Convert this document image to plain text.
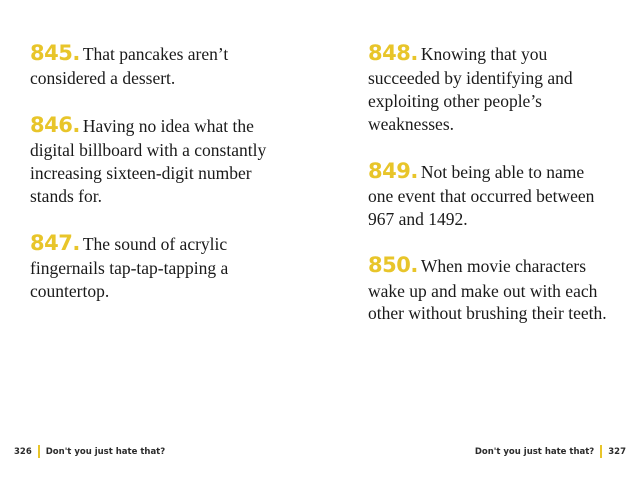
845. That pancakes aren’t considered a dessert.

846. Having no idea what the digital billboard with a constantly increasing sixteen-digit number stands for.

847. The sound of acrylic fingernails tap-tap-tapping a countertop.

848. Knowing that you succeeded by identifying and exploiting other people’s weaknesses.

849. Not being able to name one event that occurred between 967 and 1492.

850. When movie characters wake up and make out with each other without brushing their teeth.

326 Don't you just hate that?	Don't you just hate that? 327
